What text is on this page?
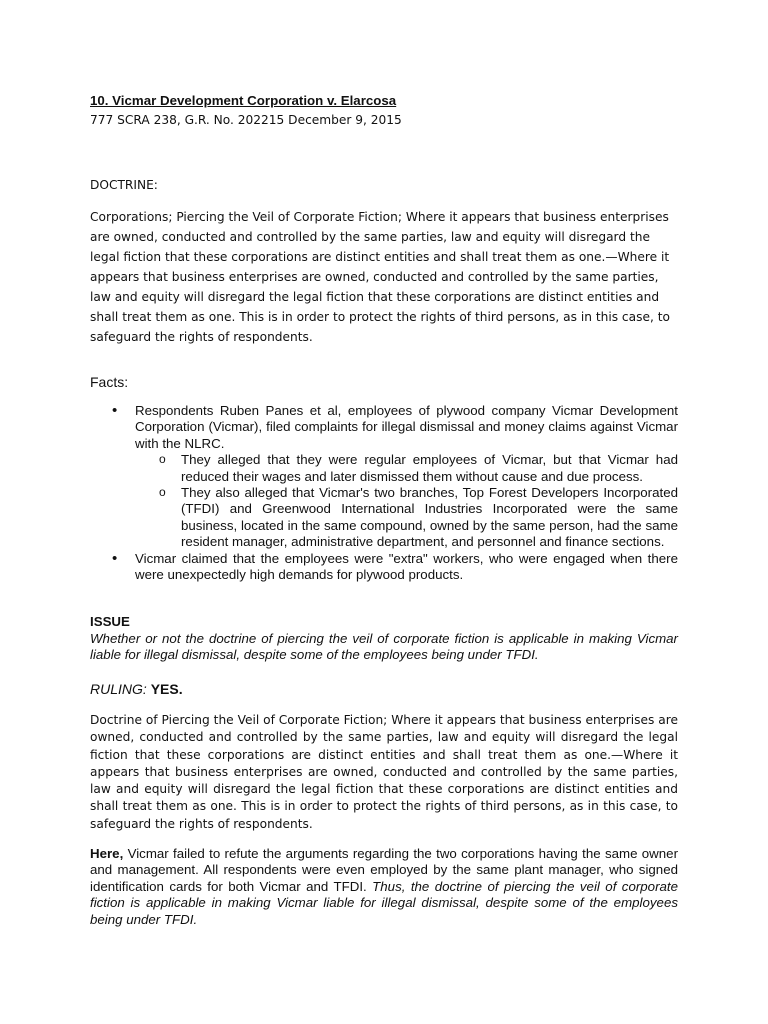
10. Vicmar Development Corporation v. Elarcosa
777 SCRA 238, G.R. No. 202215 December 9, 2015
DOCTRINE:
Corporations; Piercing the Veil of Corporate Fiction; Where it appears that business enterprises are owned, conducted and controlled by the same parties, law and equity will disregard the legal fiction that these corporations are distinct entities and shall treat them as one.—Where it appears that business enterprises are owned, conducted and controlled by the same parties, law and equity will disregard the legal fiction that these corporations are distinct entities and shall treat them as one. This is in order to protect the rights of third persons, as in this case, to safeguard the rights of respondents.
Facts:
• Respondents Ruben Panes et al, employees of plywood company Vicmar Development Corporation (Vicmar), filed complaints for illegal dismissal and money claims against Vicmar with the NLRC.
o They alleged that they were regular employees of Vicmar, but that Vicmar had reduced their wages and later dismissed them without cause and due process.
o They also alleged that Vicmar's two branches, Top Forest Developers Incorporated (TFDI) and Greenwood International Industries Incorporated were the same business, located in the same compound, owned by the same person, had the same resident manager, administrative department, and personnel and finance sections.
• Vicmar claimed that the employees were "extra" workers, who were engaged when there were unexpectedly high demands for plywood products.
ISSUE
Whether or not the doctrine of piercing the veil of corporate fiction is applicable in making Vicmar liable for illegal dismissal, despite some of the employees being under TFDI.
RULING: YES.
Doctrine of Piercing the Veil of Corporate Fiction; Where it appears that business enterprises are owned, conducted and controlled by the same parties, law and equity will disregard the legal fiction that these corporations are distinct entities and shall treat them as one.—Where it appears that business enterprises are owned, conducted and controlled by the same parties, law and equity will disregard the legal fiction that these corporations are distinct entities and shall treat them as one. This is in order to protect the rights of third persons, as in this case, to safeguard the rights of respondents.
Here, Vicmar failed to refute the arguments regarding the two corporations having the same owner and management. All respondents were even employed by the same plant manager, who signed identification cards for both Vicmar and TFDI. Thus, the doctrine of piercing the veil of corporate fiction is applicable in making Vicmar liable for illegal dismissal, despite some of the employees being under TFDI.
